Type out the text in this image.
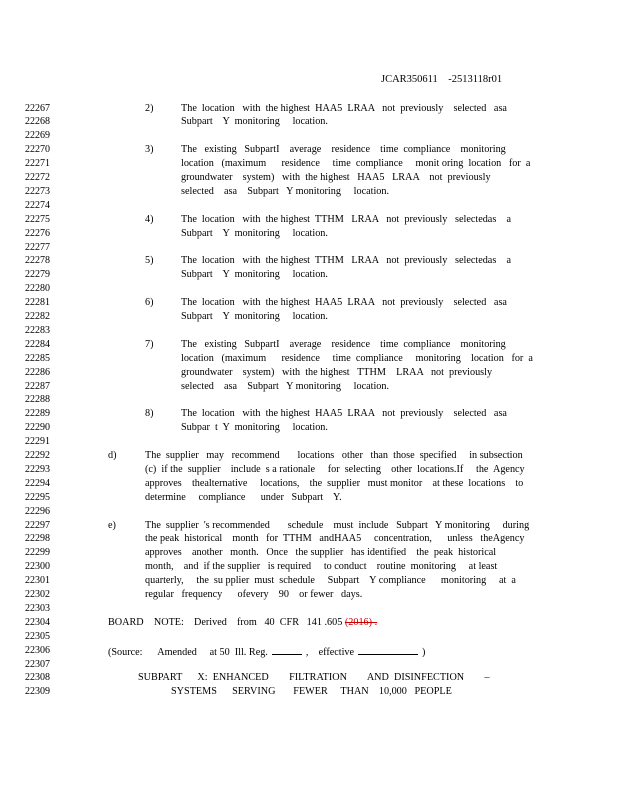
JCAR350611    -2513118r01
22267
22268
22269
22270
22271
22272
22273
22274
22275
22276
22277
22278
22279
22280
22281
22282
22283
22284
22285
22286
22287
22288
22289
22290
22291
22292
22293
22294
22295
22296
22297
22298
22299
22300
22301
22302
22303
22304
22305
22306
22307
22308
22309
2)	The  location   with  the highest  HAA5  LRAA   not  previously    selected   asa
Subpart    Y  monitoring     location.
3)	The   existing   SubpartI    average    residence    time  compliance    monitoring
location   (maximum      residence     time  compliance     monit oring  location   for  a
groundwater    system)   with  the highest   HAA5   LRAA    not  previously
selected    asa    Subpart   Y monitoring     location.
4)	The  location   with  the highest  TTHM   LRAA   not  previously   selectedas    a
Subpart    Y  monitoring     location.
5)	The  location   with  the highest  TTHM   LRAA   not  previously   selectedas    a
Subpart    Y  monitoring     location.
6)	The  location   with  the highest  HAA5  LRAA   not  previously    selected   asa
Subpart    Y  monitoring     location.
7)	The   existing   SubpartI    average    residence    time  compliance    monitoring
location   (maximum      residence     time  compliance     monitoring    location   for  a
groundwater    system)   with  the highest   TTHM    LRAA   not  previously
selected    asa    Subpart   Y monitoring     location.
8)	The  location   with  the highest  HAA5  LRAA   not  previously    selected   asa
Subpar  t  Y  monitoring     location.
d)	The  supplier   may   recommend       locations   other   than  those  specified     in subsection
(c)  if the  supplier    include  s a rationale     for  selecting    other  locations.If     the  Agency
approves    thealternative     locations,    the  supplier   must monitor    at these  locations    to
determine     compliance      under   Subpart    Y.
e)	The  supplier  's recommended       schedule    must  include   Subpart   Y monitoring     during
the peak  historical    month   for  TTHM   andHAA5     concentration,      unless   theAgency
approves    another   month.   Once   the supplier   has identified    the  peak  historical
month,    and  if the supplier   is required     to conduct    routine  monitoring     at least
quarterly,     the  su pplier  must  schedule     Subpart    Y compliance      monitoring     at  a
regular   frequency      ofevery    90    or fewer   days.
BOARD    NOTE:    Derived    from   40  CFR   141 .605 (2016) .
(Source:      Amended     at 50  Ill. Reg.	,    effective	)
SUBPART      X:  ENHANCED        FILTRATION        AND  DISINFECTION        –
SYSTEMS      SERVING       FEWER     THAN    10,000   PEOPLE
